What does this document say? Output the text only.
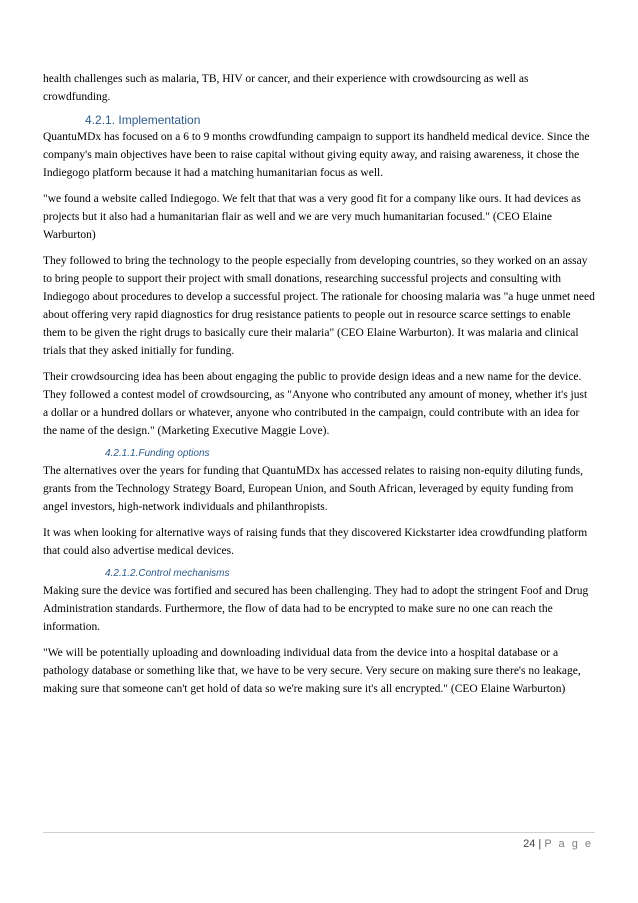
health challenges such as malaria, TB, HIV or cancer, and their experience with crowdsourcing as well as crowdfunding.

4.2.1. Implementation

QuantuMDx has focused on a 6 to 9 months crowdfunding campaign to support its handheld medical device. Since the company's main objectives have been to raise capital without giving equity away, and raising awareness, it chose the Indiegogo platform because it had a matching humanitarian focus as well.

"we found a website called Indiegogo. We felt that that was a very good fit for a company like ours. It had devices as projects but it also had a humanitarian flair as well and we are very much humanitarian focused." (CEO Elaine Warburton)

They followed to bring the technology to the people especially from developing countries, so they worked on an assay to bring people to support their project with small donations, researching successful projects and consulting with Indiegogo about procedures to develop a successful project. The rationale for choosing malaria was "a huge unmet need about offering very rapid diagnostics for drug resistance patients to people out in resource scarce settings to enable them to be given the right drugs to basically cure their malaria" (CEO Elaine Warburton). It was malaria and clinical trials that they asked initially for funding.

Their crowdsourcing idea has been about engaging the public to provide design ideas and a new name for the device. They followed a contest model of crowdsourcing, as "Anyone who contributed any amount of money, whether it's just a dollar or a hundred dollars or whatever, anyone who contributed in the campaign, could contribute with an idea for the name of the design." (Marketing Executive Maggie Love).

4.2.1.1.Funding options

The alternatives over the years for funding that QuantuMDx has accessed relates to raising non-equity diluting funds, grants from the Technology Strategy Board, European Union, and South African, leveraged by equity funding from angel investors, high-network individuals and philanthropists.

It was when looking for alternative ways of raising funds that they discovered Kickstarter idea crowdfunding platform that could also advertise medical devices.

4.2.1.2.Control mechanisms

Making sure the device was fortified and secured has been challenging. They had to adopt the stringent Foof and Drug Administration standards. Furthermore, the flow of data had to be encrypted to make sure no one can reach the information.

"We will be potentially uploading and downloading individual data from the device into a hospital database or a pathology database or something like that, we have to be very secure. Very secure on making sure there's no leakage, making sure that someone can't get hold of data so we're making sure it's all encrypted." (CEO Elaine Warburton)

24 | P a g e
